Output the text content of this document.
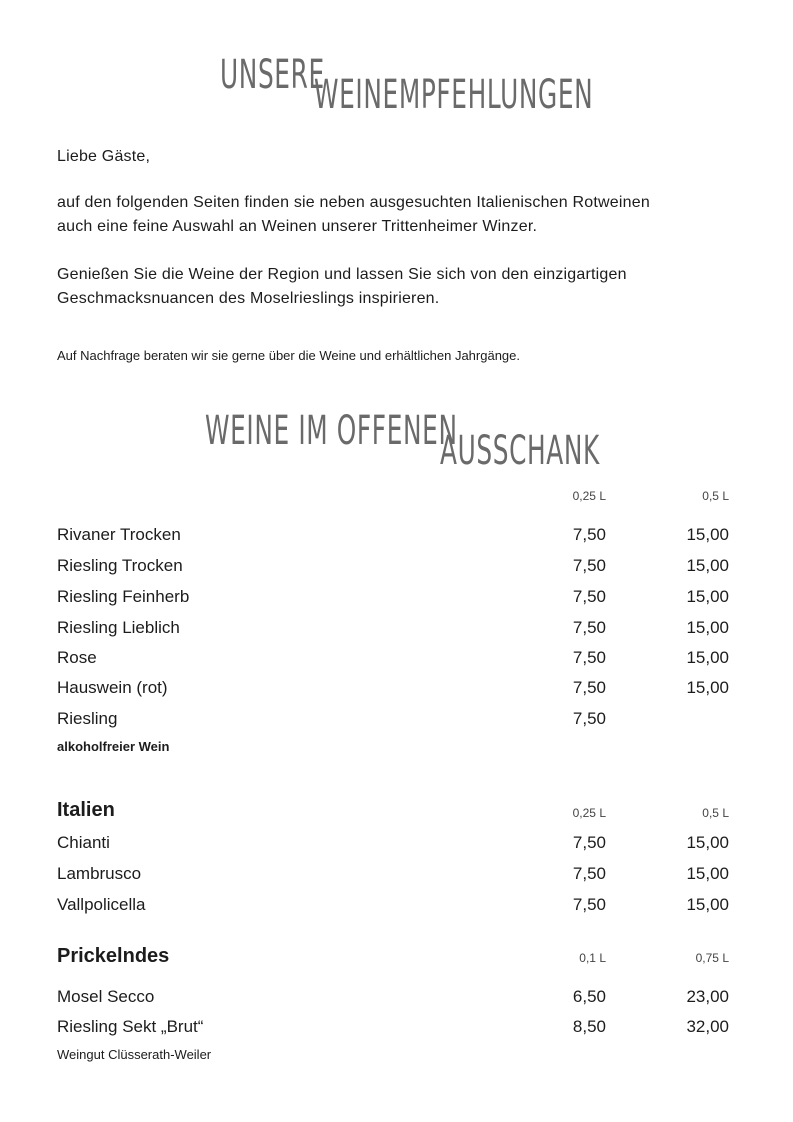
UNSERE
WEINEMPFEHLUNGEN
Liebe Gäste,
auf den folgenden Seiten finden sie neben ausgesuchten Italienischen Rotweinen
auch eine feine Auswahl an Weinen unserer Trittenheimer Winzer.
Genießen Sie die Weine der Region und lassen Sie sich von den einzigartigen
Geschmacksnuancen des Moselrieslings inspirieren.
Auf Nachfrage beraten wir sie gerne über die Weine und erhältlichen Jahrgänge.
WEINE IM OFFENEN
AUSSCHANK
0,25 L	0,5 L
Rivaner Trocken	7,50	15,00
Riesling Trocken	7,50	15,00
Riesling Feinherb	7,50	15,00
Riesling Lieblich	7,50	15,00
Rose	7,50	15,00
Hauswein (rot)	7,50	15,00
Riesling	7,50
alkoholfreier Wein
Italien	0,25 L	0,5 L
Chianti	7,50	15,00
Lambrusco	7,50	15,00
Vallpolicella	7,50	15,00
Prickelndes	0,1 L	0,75 L
Mosel Secco	6,50	23,00
Riesling Sekt „Brut“	8,50	32,00
Weingut Clüsserath-Weiler
